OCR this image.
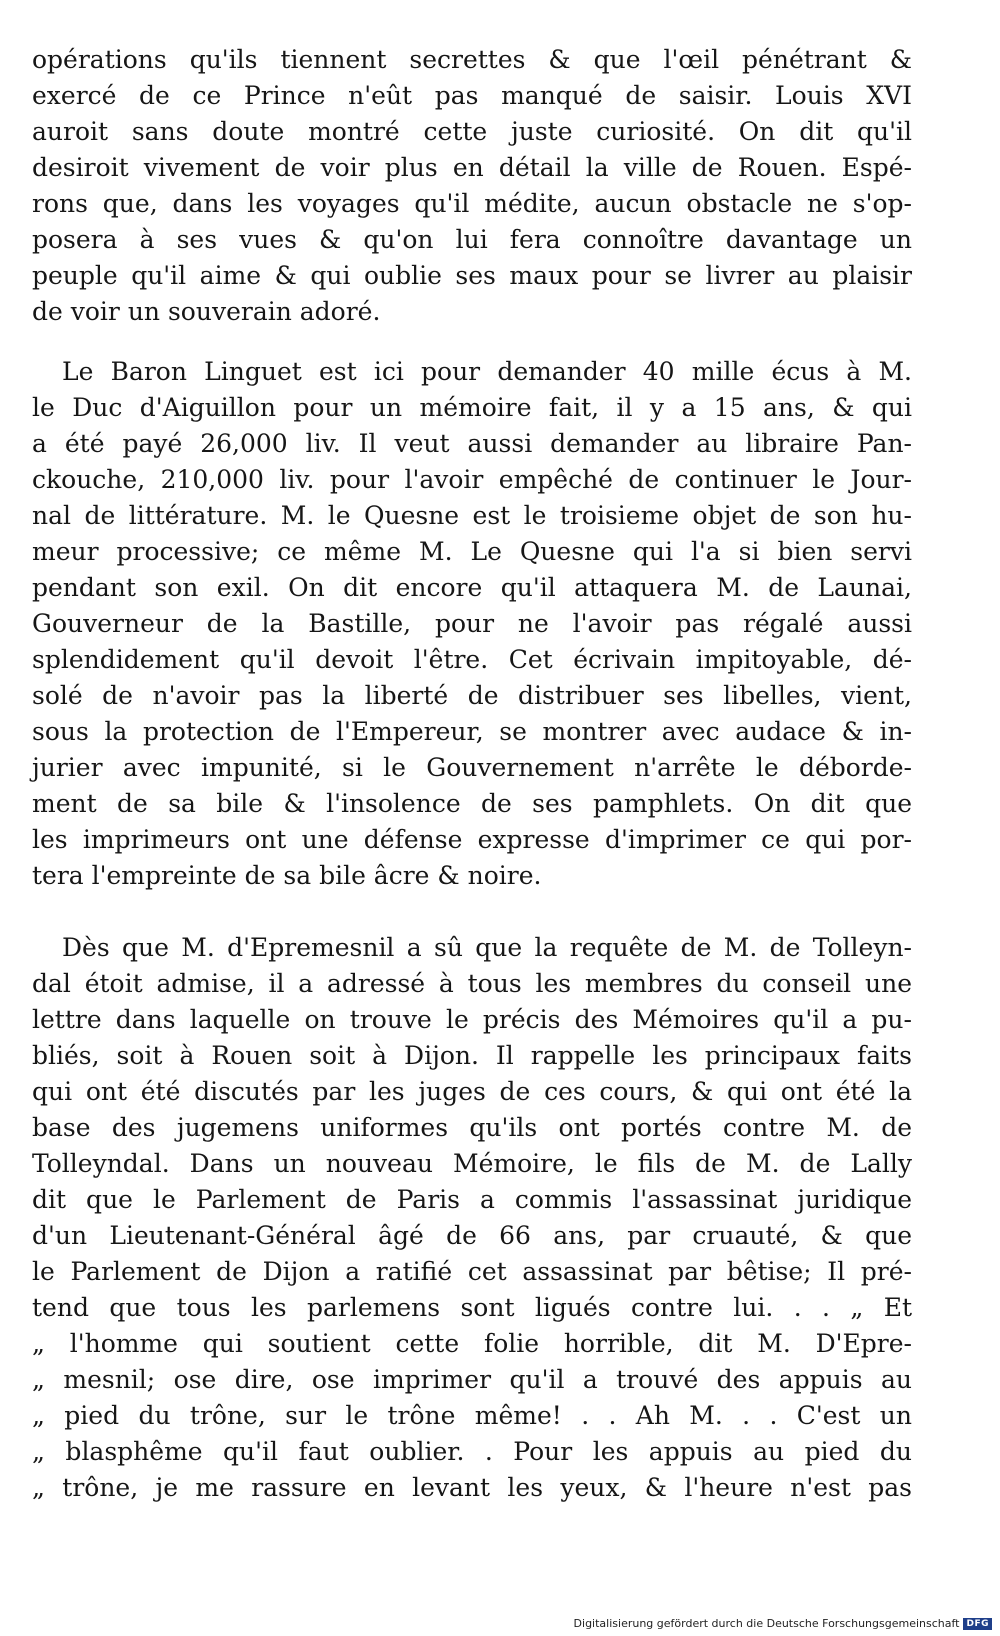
opérations qu'ils tiennent secrettes & que l'œil pénétrant &
exercé de ce Prince n'eût pas manqué de saisir. Louis XVI
auroit sans doute montré cette juste curiosité. On dit qu'il
desiroit vivement de voir plus en détail la ville de Rouen. Espé-
rons que, dans les voyages qu'il médite, aucun obstacle ne s'op-
posera à ses vues & qu'on lui fera connoître davantage un
peuple qu'il aime & qui oublie ses maux pour se livrer au plaisir
de voir un souverain adoré.
Le Baron Linguet est ici pour demander 40 mille écus à M.
le Duc d'Aiguillon pour un mémoire fait, il y a 15 ans, & qui
a été payé 26,000 liv. Il veut aussi demander au libraire Pan-
ckouche, 210,000 liv. pour l'avoir empêché de continuer le Jour-
nal de littérature. M. le Quesne est le troisieme objet de son hu-
meur processive; ce même M. Le Quesne qui l'a si bien servi
pendant son exil. On dit encore qu'il attaquera M. de Launai,
Gouverneur de la Bastille, pour ne l'avoir pas régalé aussi
splendidement qu'il devoit l'être. Cet écrivain impitoyable, dé-
solé de n'avoir pas la liberté de distribuer ses libelles, vient,
sous la protection de l'Empereur, se montrer avec audace & in-
jurier avec impunité, si le Gouvernement n'arrête le déborde-
ment de sa bile & l'insolence de ses pamphlets. On dit que
les imprimeurs ont une défense expresse d'imprimer ce qui por-
tera l'empreinte de sa bile âcre & noire.
Dès que M. d'Epremesnil a sû que la requête de M. de Tolleyn-
dal étoit admise, il a adressé à tous les membres du conseil une
lettre dans laquelle on trouve le précis des Mémoires qu'il a pu-
bliés, soit à Rouen soit à Dijon. Il rappelle les principaux faits
qui ont été discutés par les juges de ces cours, & qui ont été la
base des jugemens uniformes qu'ils ont portés contre M. de
Tolleyndal. Dans un nouveau Mémoire, le fils de M. de Lally
dit que le Parlement de Paris a commis l'assassinat juridique
d'un Lieutenant-Général âgé de 66 ans, par cruauté, & que
le Parlement de Dijon a ratifié cet assassinat par bêtise; Il pré-
tend que tous les parlemens sont ligués contre lui. . . „ Et
„ l'homme qui soutient cette folie horrible, dit M. D'Epre-
„ mesnil; ose dire, ose imprimer qu'il a trouvé des appuis au
„ pied du trône, sur le trône même! . . Ah M. . . C'est un
„ blasphême qu'il faut oublier. . Pour les appuis au pied du
„ trône, je me rassure en levant les yeux, & l'heure n'est pas
Digitalisierung gefördert durch die Deutsche Forschungsgemeinschaft DFG
